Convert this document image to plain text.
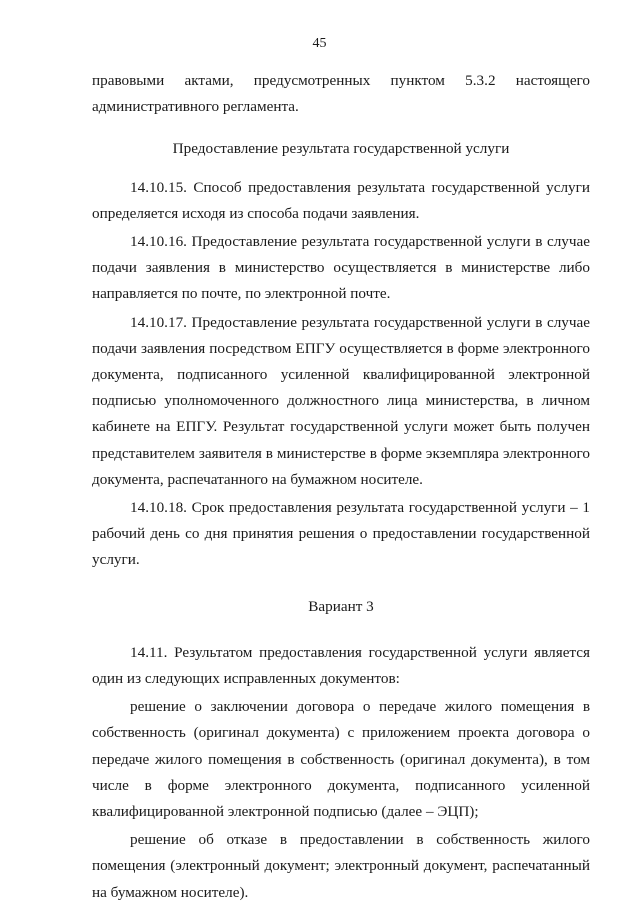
45

правовыми актами, предусмотренных пунктом 5.3.2 настоящего административного регламента.

Предоставление результата государственной услуги

14.10.15. Способ предоставления результата государственной услуги определяется исходя из способа подачи заявления.

14.10.16. Предоставление результата государственной услуги в случае подачи заявления в министерство осуществляется в министерстве либо направляется по почте, по электронной почте.

14.10.17. Предоставление результата государственной услуги в случае подачи заявления посредством ЕПГУ осуществляется в форме электронного документа, подписанного усиленной квалифицированной электронной подписью уполномоченного должностного лица министерства, в личном кабинете на ЕПГУ. Результат государственной услуги может быть получен представителем заявителя в министерстве в форме экземпляра электронного документа, распечатанного на бумажном носителе.

14.10.18. Срок предоставления результата государственной услуги – 1 рабочий день со дня принятия решения о предоставлении государственной услуги.

Вариант 3

14.11. Результатом предоставления государственной услуги является один из следующих исправленных документов:

решение о заключении договора о передаче жилого помещения в собственность (оригинал документа) с приложением проекта договора о передаче жилого помещения в собственность (оригинал документа), в том числе в форме электронного документа, подписанного усиленной квалифицированной электронной подписью (далее – ЭЦП);

решение об отказе в предоставлении в собственность жилого помещения (электронный документ; электронный документ, распечатанный на бумажном носителе).
